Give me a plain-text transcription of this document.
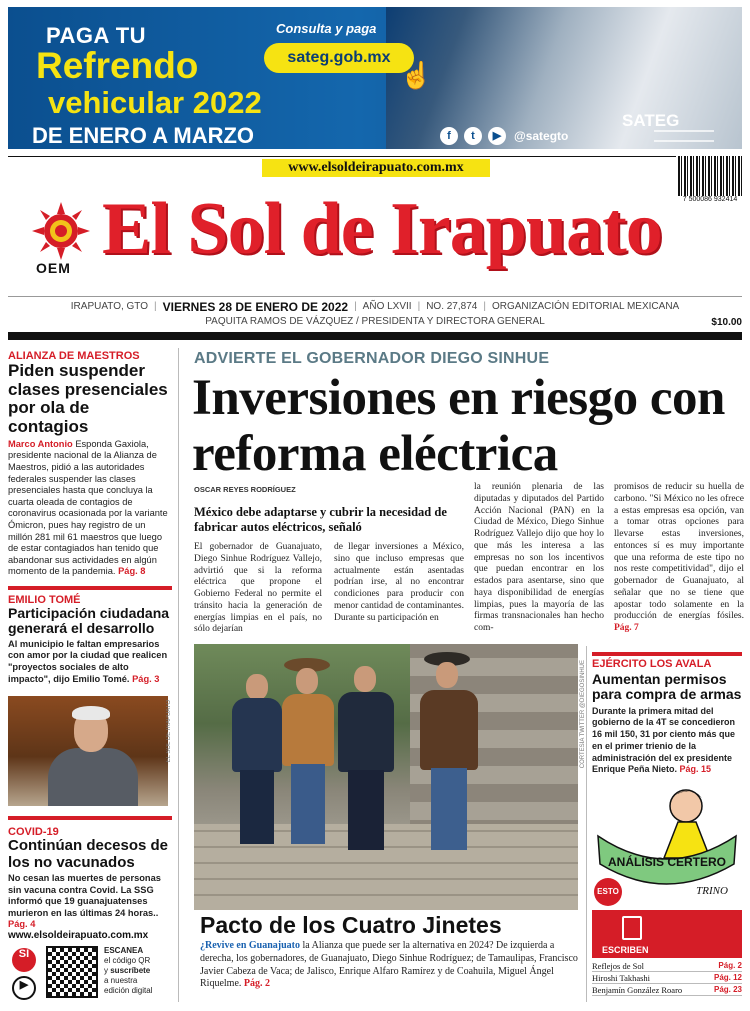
PAGA TU
Refrendo
vehicular 2022
DE ENERO A MARZO
Consulta y paga
sateg.gob.mx
☝
f	t	▶	@sategto
SATEG
www.elsoldeirapuato.com.mx
7 500086 932414
OEM El Sol de Irapuato
IRAPUATO, GTO | VIERNES 28 DE ENERO DE 2022 | AÑO LXVII | NO. 27,874 | ORGANIZACIÓN EDITORIAL MEXICANA
PAQUITA RAMOS DE VÁZQUEZ / PRESIDENTA Y DIRECTORA GENERAL	$10.00
ALIANZA DE MAESTROS
Piden suspender clases presenciales por ola de contagios
Marco Antonio Esponda Gaxiola, presidente nacional de la Alianza de Maestros, pidió a las autoridades federales suspender las clases presenciales hasta que concluya la cuarta oleada de contagios de coronavirus ocasionada por la variante Ómicron, pues hay registro de un millón 281 mil 61 maestros que luego de estar contagiados han tenido que abandonar sus actividades en algún momento de la pandemia. Pág. 8
EMILIO TOMÉ
Participación ciudadana generará el desarrollo
Al municipio le faltan empresarios con amor por la ciudad que realicen "proyectos sociales de alto impacto", dijo Emilio Tomé. Pág. 3
EL SOL DE IRAPUATO
COVID-19
Continúan decesos de los no vacunados
No cesan las muertes de personas sin vacuna contra Covid. La SSG informó que 19 guanajuatenses murieron en las últimas 24 horas.. Pág. 4
www.elsoldeirapuato.com.mx
SI
▶
ESCANEA
el código QR
y suscríbete
a nuestra
edición digital
ADVIERTE EL GOBERNADOR DIEGO SINHUE
Inversiones en riesgo con reforma eléctrica
OSCAR REYES RODRÍGUEZ
México debe adaptarse y cubrir la necesidad de fabricar autos eléctricos, señaló
El gobernador de Guanajuato, Diego Sinhue Rodríguez Vallejo, advirtió que si la reforma eléctrica que propone el Gobierno Federal no permite el tránsito hacia la generación de energías limpias en el país, no sólo dejarían
de llegar inversiones a México, sino que incluso empresas que actualmente están asentadas podrían irse, al no encontrar condiciones para producir con menor cantidad de contaminantes. Durante su participación en
la reunión plenaria de las diputadas y diputados del Partido Acción Nacional (PAN) en la Ciudad de México, Diego Sinhue Rodríguez Vallejo dijo que hoy lo que más les interesa a las empresas no son los incentivos que puedan encontrar en los estados para asentarse, sino que haya disponibilidad de energías limpias, pues la mayoría de las firmas transnacionales han hecho com-
promisos de reducir su huella de carbono. "Si México no les ofrece a estas empresas esa opción, van a tomar otras opciones para llevarse estas inversiones, entonces sí es muy importante que una reforma de este tipo no nos reste competitividad", dijo el gobernador de Guanajuato, al señalar que no se tiene que apostar todo solamente en la producción de energías fósiles. Pág. 7
CORTESÍA TWITTER @DIEGOSINHUE
Pacto de los Cuatro Jinetes
¿Revive en Guanajuato la Alianza que puede ser la alternativa en 2024? De izquierda a derecha, los gobernadores, de Guanajuato, Diego Sinhue Rodríguez; de Tamaulipas, Francisco Javier Cabeza de Vaca; de Jalisco, Enrique Alfaro Ramírez y de Coahuila, Miguel Ángel Riquelme. Pág. 2
EJÉRCITO LOS AVALA
Aumentan permisos para compra de armas
Durante la primera mitad del gobierno de la 4T se concedieron 16 mil 150, 31 por ciento más que en el primer trienio de la administración del ex presidente Enrique Peña Nieto. Pág. 15
ANÁLISIS CERTERO
TRINO
ESTO
ESCRIBEN
Reflejos de Sol	Pág. 2
Hiroshi Takhashi	Pág. 12
Benjamín González Roaro	Pág. 23
